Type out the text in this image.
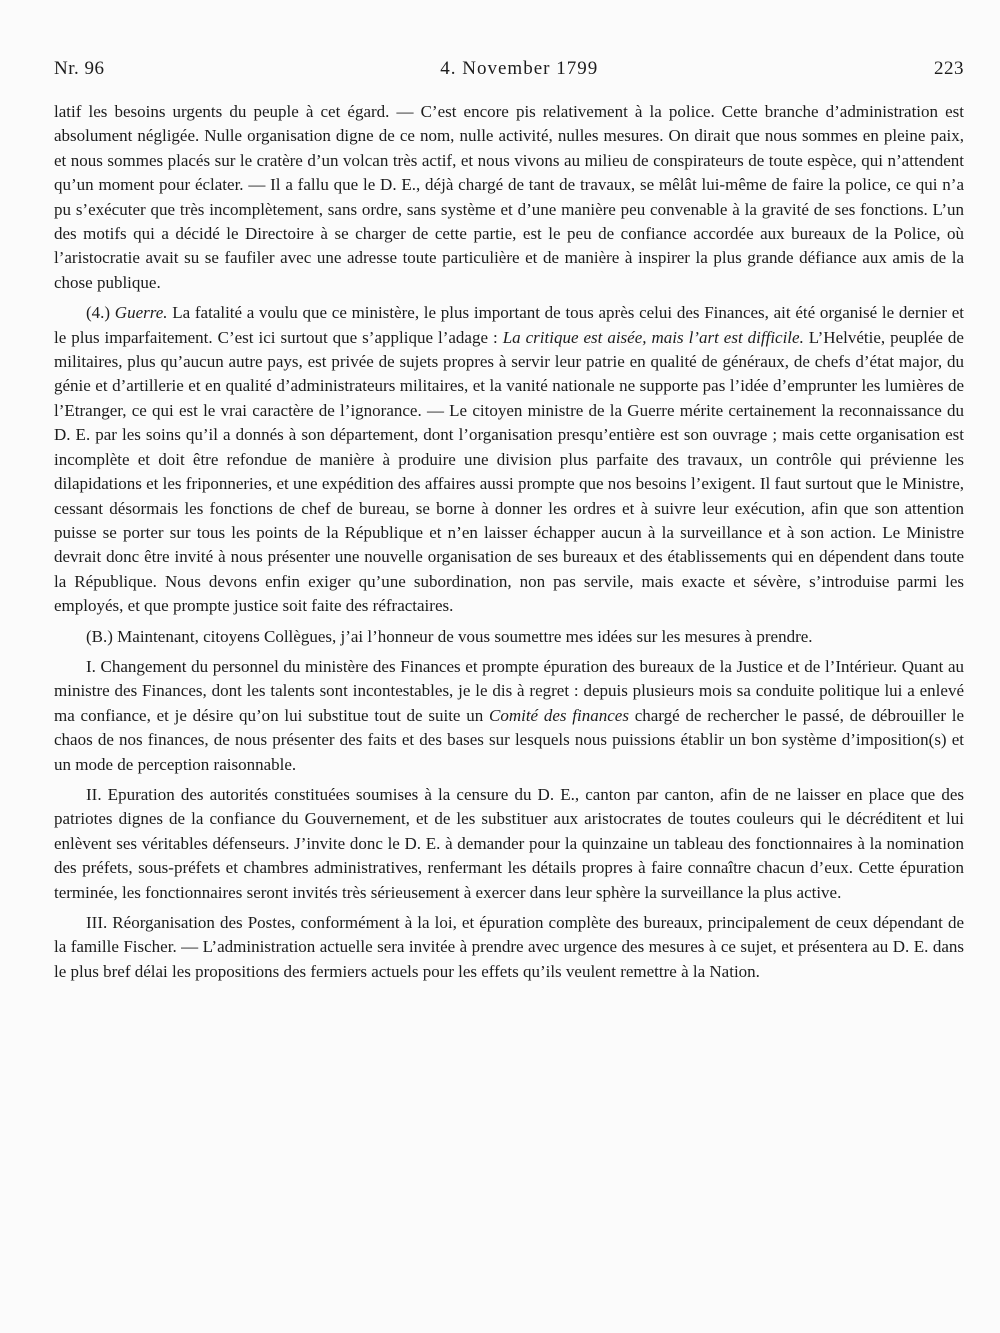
Nr. 96	4. November 1799	223

latif les besoins urgents du peuple à cet égard. — C’est encore pis relativement à la police. Cette branche d’administration est absolument négligée. Nulle organisation digne de ce nom, nulle activité, nulles mesures. On dirait que nous sommes en pleine paix, et nous sommes placés sur le cratère d’un volcan très actif, et nous vivons au milieu de conspirateurs de toute espèce, qui n’attendent qu’un moment pour éclater. — Il a fallu que le D. E., déjà chargé de tant de travaux, se mêlât lui-même de faire la police, ce qui n’a pu s’exécuter que très incomplètement, sans ordre, sans système et d’une manière peu convenable à la gravité de ses fonctions. L’un des motifs qui a décidé le Directoire à se charger de cette partie, est le peu de confiance accordée aux bureaux de la Police, où l’aristocratie avait su se faufiler avec une adresse toute particulière et de manière à inspirer la plus grande défiance aux amis de la chose publique.

(4.) Guerre. La fatalité a voulu que ce ministère, le plus important de tous après celui des Finances, ait été organisé le dernier et le plus imparfaitement. C’est ici surtout que s’applique l’adage : La critique est aisée, mais l’art est difficile. L’Helvétie, peuplée de militaires, plus qu’aucun autre pays, est privée de sujets propres à servir leur patrie en qualité de généraux, de chefs d’état major, du génie et d’artillerie et en qualité d’administrateurs militaires, et la vanité nationale ne supporte pas l’idée d’emprunter les lumières de l’Etranger, ce qui est le vrai caractère de l’ignorance. — Le citoyen ministre de la Guerre mérite certainement la reconnaissance du D. E. par les soins qu’il a donnés à son département, dont l’organisation presqu’entière est son ouvrage ; mais cette organisation est incomplète et doit être refondue de manière à produire une division plus parfaite des travaux, un contrôle qui prévienne les dilapidations et les friponneries, et une expédition des affaires aussi prompte que nos besoins l’exigent. Il faut surtout que le Ministre, cessant désormais les fonctions de chef de bureau, se borne à donner les ordres et à suivre leur exécution, afin que son attention puisse se porter sur tous les points de la République et n’en laisser échapper aucun à la surveillance et à son action. Le Ministre devrait donc être invité à nous présenter une nouvelle organisation de ses bureaux et des établissements qui en dépendent dans toute la République. Nous devons enfin exiger qu’une subordination, non pas servile, mais exacte et sévère, s’introduise parmi les employés, et que prompte justice soit faite des réfractaires.

(B.) Maintenant, citoyens Collègues, j’ai l’honneur de vous soumettre mes idées sur les mesures à prendre.

I. Changement du personnel du ministère des Finances et prompte épuration des bureaux de la Justice et de l’Intérieur. Quant au ministre des Finances, dont les talents sont incontestables, je le dis à regret : depuis plusieurs mois sa conduite politique lui a enlevé ma confiance, et je désire qu’on lui substitue tout de suite un Comité des finances chargé de rechercher le passé, de débrouiller le chaos de nos finances, de nous présenter des faits et des bases sur lesquels nous puissions établir un bon système d’imposition(s) et un mode de perception raisonnable.

II. Epuration des autorités constituées soumises à la censure du D. E., canton par canton, afin de ne laisser en place que des patriotes dignes de la confiance du Gouvernement, et de les substituer aux aristocrates de toutes couleurs qui le décréditent et lui enlèvent ses véritables défenseurs. J’invite donc le D. E. à demander pour la quinzaine un tableau des fonctionnaires à la nomination des préfets, sous-préfets et chambres administratives, renfermant les détails propres à faire connaître chacun d’eux. Cette épuration terminée, les fonctionnaires seront invités très sérieusement à exercer dans leur sphère la surveillance la plus active.

III. Réorganisation des Postes, conformément à la loi, et épuration complète des bureaux, principalement de ceux dépendant de la famille Fischer. — L’administration actuelle sera invitée à prendre avec urgence des mesures à ce sujet, et présentera au D. E. dans le plus bref délai les propositions des fermiers actuels pour les effets qu’ils veulent remettre à la Nation.
